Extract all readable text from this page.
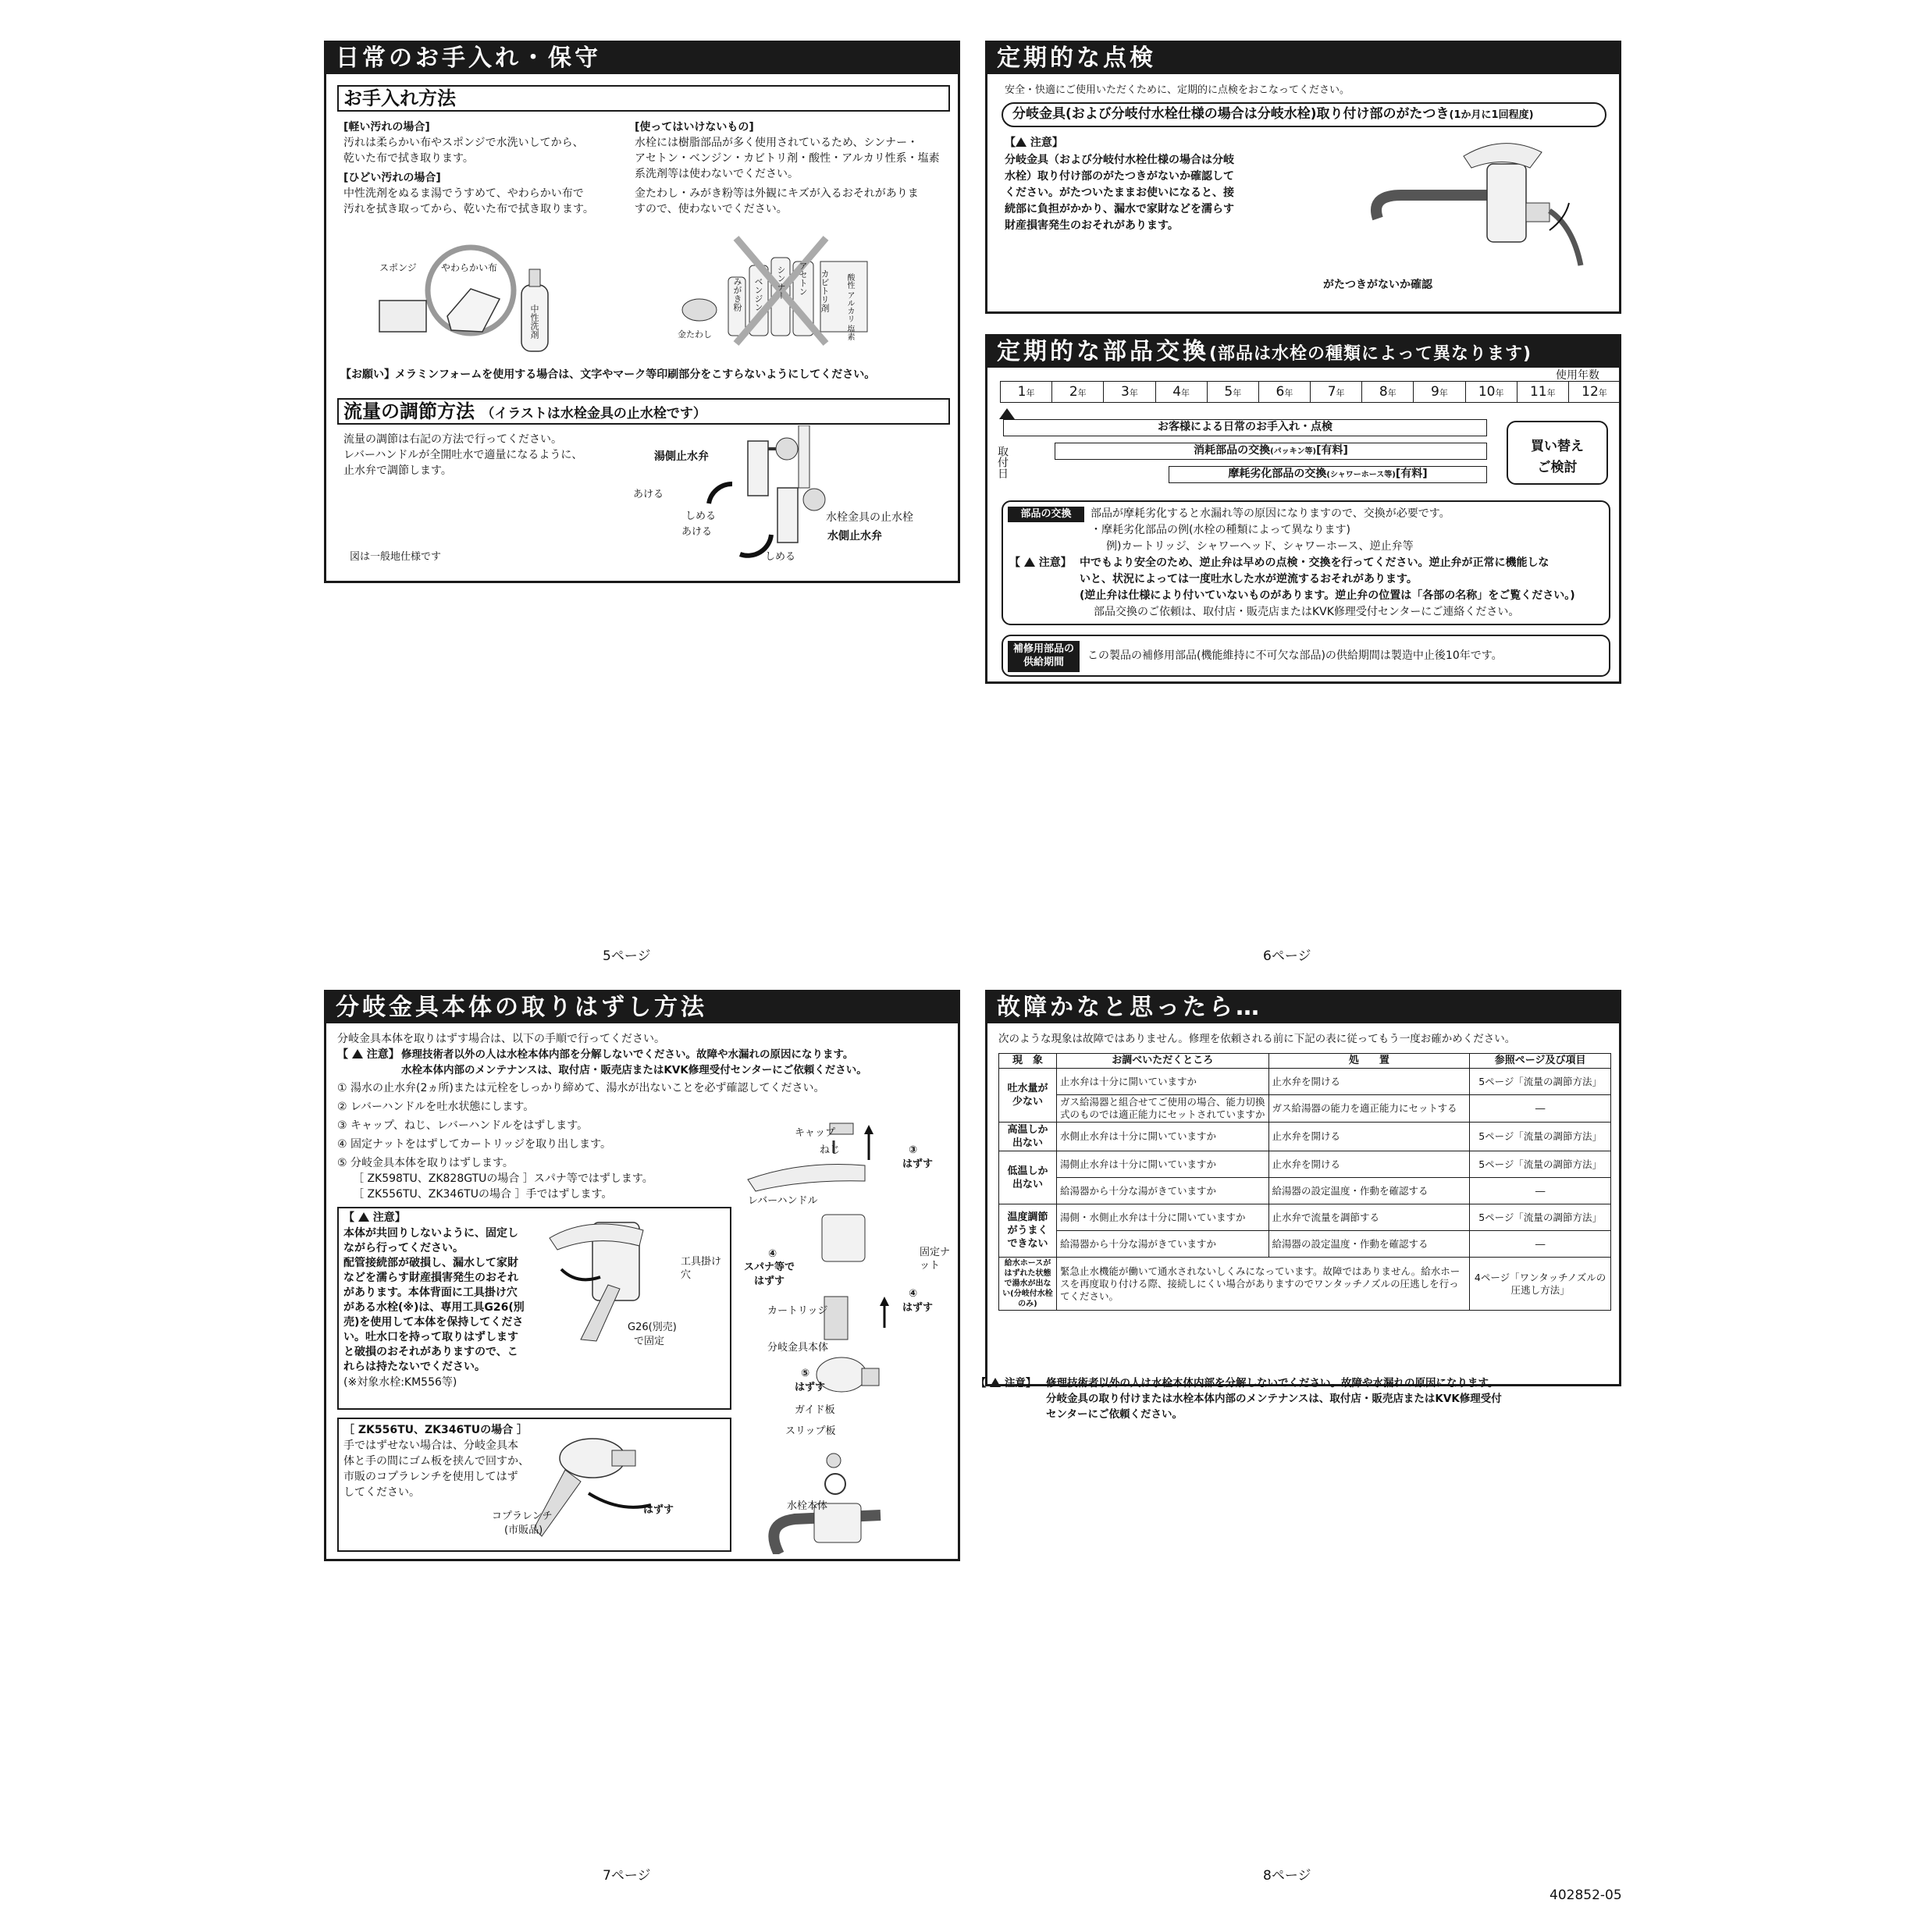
日常のお手入れ・保守
お手入れ方法
[軽い汚れの場合]
汚れは柔らかい布やスポンジで水洗いしてから、
乾いた布で拭き取ります。
[ひどい汚れの場合]
中性洗剤をぬるま湯でうすめて、やわらかい布で
汚れを拭き取ってから、乾いた布で拭き取ります。
[使ってはいけないもの]
水栓には樹脂部品が多く使用されているため、シンナー・
アセトン・ベンジン・カビトリ剤・酸性・アルカリ性系・塩素
系洗剤等は使わないでください。
金たわし・みがき粉等は外観にキズが入るおそれがありま
すので、使わないでください。
スポンジ	やわらかい布
中性洗剤	金たわし
みがき粉	ベンジン	シンナー	アセトン	カビトリ剤	酸性 アルカリ 塩素
【お願い】メラミンフォームを使用する場合は、文字やマーク等印刷部分をこすらないようにしてください。
流量の調節方法 （イラストは水栓金具の止水栓です）
流量の調節は右記の方法で行ってください。
レバーハンドルが全開吐水で適量になるように、
止水弁で調節します。
湯側止水弁
あける
しめる
あける
水栓金具の止水栓
水側止水弁
しめる
図は一般地仕様です
5ページ
定期的な点検
安全・快適にご使用いただくために、定期的に点検をおこなってください。
分岐金具(および分岐付水栓仕様の場合は分岐水栓)取り付け部のがたつき(1か月に1回程度)
【 注意】
分岐金具（および分岐付水栓仕様の場合は分岐
水栓）取り付け部のがたつきがないか確認して
ください。がたついたままお使いになると、接
続部に負担がかかり、漏水で家財などを濡らす
財産損害発生のおそれがあります。
がたつきがないか確認
定期的な部品交換(部品は水栓の種類によって異なります)
使用年数
1年	2年	3年	4年	5年	6年	7年	8年	9年	10年	11年	12年
お客様による日常のお手入れ・点検
消耗部品の交換(パッキン等)[有料]
摩耗劣化部品の交換(シャワーホース等)[有料]
取付日	買い替え
ご検討
部品の交換	部品が摩耗劣化すると水漏れ等の原因になりますので、交換が必要です。
・摩耗劣化部品の例(水栓の種類によって異なります)
例)カートリッジ、シャワーヘッド、シャワーホース、逆止弁等
【  注意】 中でもより安全のため、逆止弁は早めの点検・交換を行ってください。逆止弁が正常に機能しな
いと、状況によっては一度吐水した水が逆流するおそれがあります。
(逆止弁は仕様により付いていないものがあります。逆止弁の位置は「各部の名称」をご覧ください。)
部品交換のご依頼は、取付店・販売店またはKVK修理受付センターにご連絡ください。
補修用部品の
供給期間
この製品の補修用部品(機能維持に不可欠な部品)の供給期間は製造中止後10年です。
6ページ
分岐金具本体の取りはずし方法
分岐金具本体を取りはずす場合は、以下の手順で行ってください。
【  注意】 修理技術者以外の人は水栓本体内部を分解しないでください。故障や水漏れの原因になります。
水栓本体内部のメンテナンスは、取付店・販売店またはKVK修理受付センターにご依頼ください。
① 湯水の止水弁(2ヵ所)または元栓をしっかり締めて、湯水が出ないことを必ず確認してください。
② レバーハンドルを吐水状態にします。
③ キャップ、ねじ、レバーハンドルをはずします。
④ 固定ナットをはずしてカートリッジを取り出します。
⑤ 分岐金具本体を取りはずします。
［ ZK598TU、ZK828GTUの場合 ］スパナ等ではずします。
［ ZK556TU、ZK346TUの場合 ］手ではずします。
【  注意】
本体が共回りしないように、固定し
ながら行ってください。
配管接続部が破損し、漏水して家財
などを濡らす財産損害発生のおそれ
があります。本体背面に工具掛け穴
がある水栓(※)は、専用工具G26(別
売)を使用して本体を保持してくださ
い。吐水口を持って取りはずします
と破損のおそれがありますので、こ
れらは持たないでください。
(※対象水栓:KM556等)
工具掛け穴
G26(別売)
で固定
［ ZK556TU、ZK346TUの場合 ］
手ではずせない場合は、分岐金具本
体と手の間にゴム板を挟んで回すか、
市販のコプラレンチを使用してはず
してください。
コプラレンチ
(市販品)
はずす
キャップ
ねじ	③
はずす
レバーハンドル
固定ナット
④
スパナ等で
はずす
カートリッジ
④
はずす
分岐金具本体
⑤
はずす
ガイド板
スリップ板
水栓本体
7ページ
故障かなと思ったら…
次のような現象は故障ではありません。修理を依頼される前に下記の表に従ってもう一度お確かめください。
現　象	お調べいただくところ	処　　置	参照ページ及び項目
吐水量が少ない	止水弁は十分に開いていますか	止水弁を開ける	5ページ「流量の調節方法」
	ガス給湯器と組合せてご使用の場合、能力切換式のものでは適正能力にセットされていますか	ガス給湯器の能力を適正能力にセットする	―
高温しか出ない	水側止水弁は十分に開いていますか	止水弁を開ける	5ページ「流量の調節方法」
低温しか出ない	湯側止水弁は十分に開いていますか	止水弁を開ける	5ページ「流量の調節方法」
	給湯器から十分な湯がきていますか	給湯器の設定温度・作動を確認する	―
温度調節がうまくできない	湯側・水側止水弁は十分に開いていますか	止水弁で流量を調節する	5ページ「流量の調節方法」
	給湯器から十分な湯がきていますか	給湯器の設定温度・作動を確認する	―
給水ホースがはずれた状態で湯水が出ない(分岐付水栓のみ)	緊急止水機能が働いて通水されないしくみになっています。故障ではありません。給水ホースを再度取り付ける際、接続しにくい場合がありますのでワンタッチノズルの圧逃しを行ってください。		4ページ「ワンタッチノズルの圧逃し方法」
【  注意】 修理技術者以外の人は水栓本体内部を分解しないでください。故障や水漏れの原因になります。
分岐金具の取り付けまたは水栓本体内部のメンテナンスは、取付店・販売店またはKVK修理受付
センターにご依頼ください。
8ページ
402852-05
